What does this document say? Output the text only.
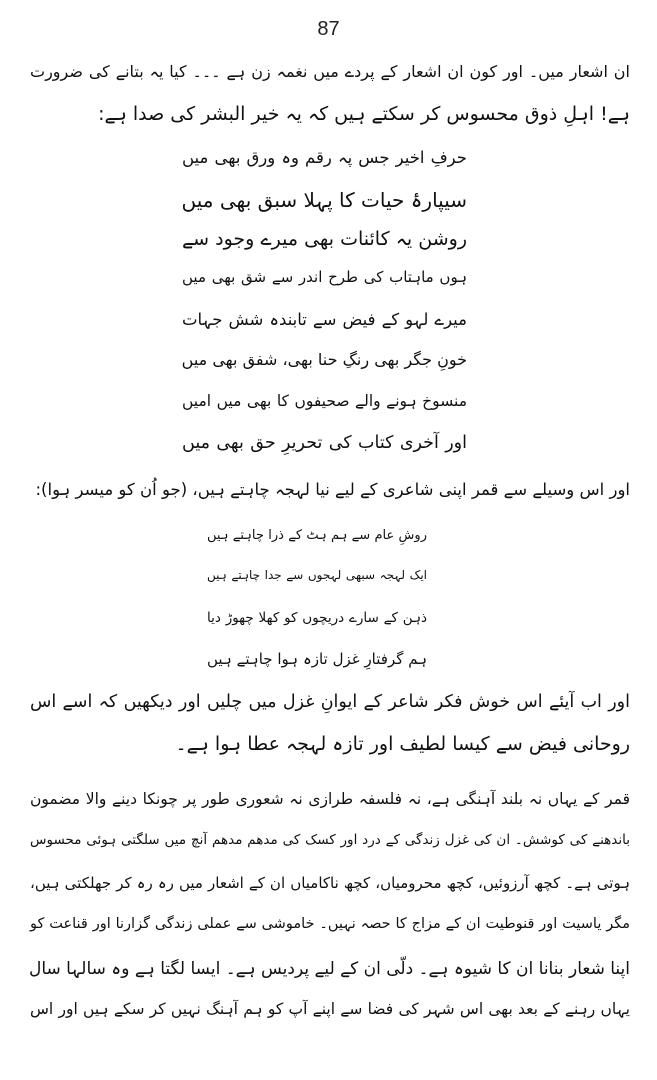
87
ان اشعار میں۔ اور کون ان اشعار کے پردے میں نغمہ زن ہے ۔۔۔ کیا یہ بتانے کی ضرورت
ہے! اہلِ ذوق محسوس کر سکتے ہیں کہ یہ خیر البشر کی صدا ہے:
حرفِ اخیر جس پہ رقم وہ ورق بھی میں
سیپارۂ حیات کا پہلا سبق بھی میں
روشن یہ کائنات بھی میرے وجود سے
ہوں ماہتاب کی طرح اندر سے شق بھی میں
میرے لہو کے فیض سے تابندہ شش جہات
خونِ جگر بھی رنگِ حنا بھی، شفق بھی میں
منسوخ ہونے والے صحیفوں کا بھی میں امیں
اور آخری کتاب کی تحریرِ حق بھی میں
اور اس وسیلے سے قمر اپنی شاعری کے لیے نیا لہجہ چاہتے ہیں، (جو اُن کو میسر ہوا):
روشِ عام سے ہم ہٹ کے ذرا چاہتے ہیں
ایک لہجہ سبھی لہجوں سے جدا چاہتے ہیں
ذہن کے سارے دریچوں کو کھلا چھوڑ دیا
ہم گرفتارِ غزل تازہ ہوا چاہتے ہیں
اور اب آیئے اس خوش فکر شاعر کے ایوانِ غزل میں چلیں اور دیکھیں کہ اسے اس
روحانی فیض سے کیسا لطیف اور تازہ لہجہ عطا ہوا ہے۔
قمر کے یہاں نہ بلند آہنگی ہے، نہ فلسفہ طرازی نہ شعوری طور پر چونکا دینے والا مضمون
باندھنے کی کوشش۔ ان کی غزل زندگی کے درد اور کسک کی مدھم مدھم آنچ میں سلگتی ہوئی محسوس
ہوتی ہے۔ کچھ آرزوئیں، کچھ محرومیاں، کچھ ناکامیاں ان کے اشعار میں رہ رہ کر جھلکتی ہیں،
مگر یاسیت اور قنوطیت ان کے مزاج کا حصہ نہیں۔ خاموشی سے عملی زندگی گزارنا اور قناعت کو
اپنا شعار بنانا ان کا شیوہ ہے۔ دلّی ان کے لیے پردیس ہے۔ ایسا لگتا ہے وہ سالہا سال
یہاں رہنے کے بعد بھی اس شہر کی فضا سے اپنے آپ کو ہم آہنگ نہیں کر سکے ہیں اور اس
